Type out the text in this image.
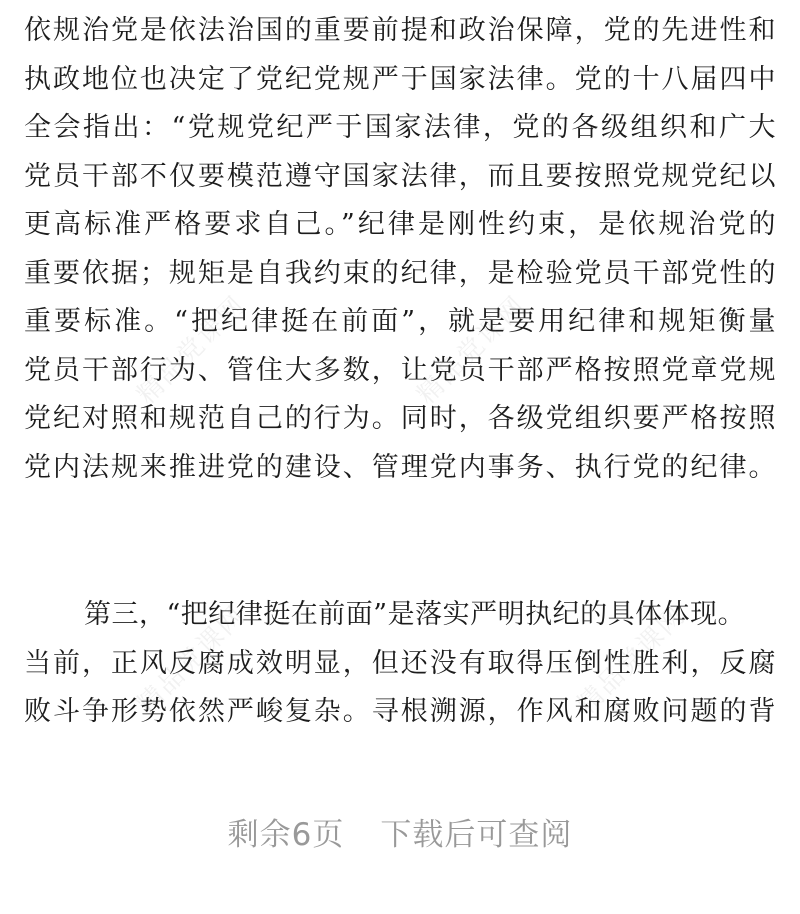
依规治党是依法治国的重要前提和政治保障，党的先进性和
执政地位也决定了党纪党规严于国家法律。党的十八届四中
全会指出：“党规党纪严于国家法律，党的各级组织和广大
党员干部不仅要模范遵守国家法律，而且要按照党规党纪以
更高标准严格要求自己。”纪律是刚性约束，是依规治党的
重要依据；规矩是自我约束的纪律，是检验党员干部党性的
重要标准。“把纪律挺在前面”，就是要用纪律和规矩衡量
党员干部行为、管住大多数，让党员干部严格按照党章党规
党纪对照和规范自己的行为。同时，各级党组织要严格按照
党内法规来推进党的建设、管理党内事务、执行党的纪律。
第三，“把纪律挺在前面”是落实严明执纪的具体体现。
当前，正风反腐成效明显，但还没有取得压倒性胜利，反腐
败斗争形势依然严峻复杂。寻根溯源，作风和腐败问题的背
精品党课网	精品党课网
精品党课网	精品党课网
剩余6页 下载后可查阅
